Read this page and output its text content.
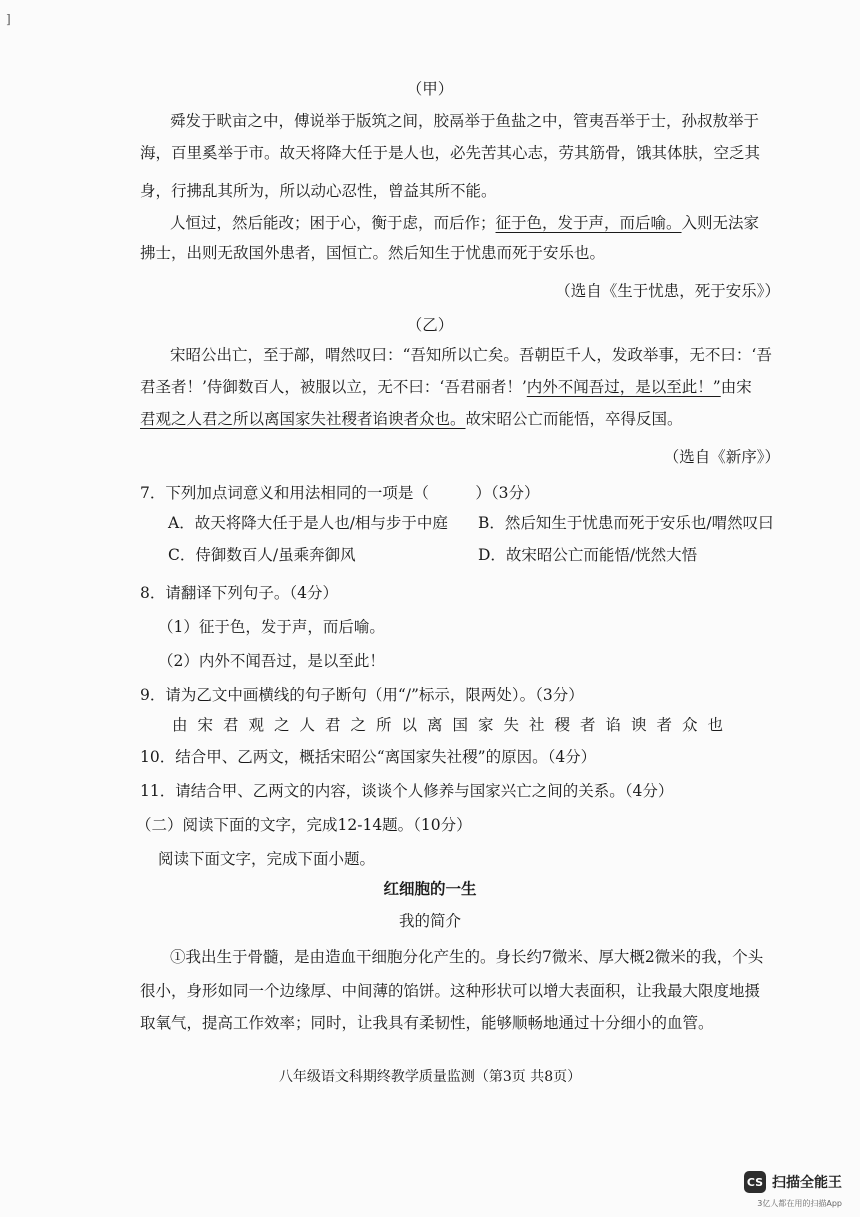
]
（甲）
舜发于畎亩之中，傅说举于版筑之间，胶鬲举于鱼盐之中，管夷吾举于士，孙叔敖举于
海，百里奚举于市。故天将降大任于是人也，必先苦其心志，劳其筋骨，饿其体肤，空乏其
身，行拂乱其所为，所以动心忍性，曾益其所不能。
人恒过，然后能改；困于心，衡于虑，而后作；征于色，发于声，而后喻。入则无法家
拂士，出则无敌国外患者，国恒亡。然后知生于忧患而死于安乐也。
（选自《生于忧患，死于安乐》）
（乙）
宋昭公出亡，至于鄗，喟然叹曰：“吾知所以亡矣。吾朝臣千人，发政举事，无不曰：‘吾
君圣者！’侍御数百人，被服以立，无不曰：‘吾君丽者！’内外不闻吾过，是以至此！”由宋
君观之人君之所以离国家失社稷者谄谀者众也。故宋昭公亡而能悟，卒得反国。
（选自《新序》）
7．下列加点词意义和用法相同的一项是（　　　）（3分）
A．故天将降大任于是人也/相与步于中庭 B．然后知生于忧患而死于安乐也/喟然叹曰
C．侍御数百人/虽乘奔御风	D．故宋昭公亡而能悟/恍然大悟
8．请翻译下列句子。（4分）
（1）征于色，发于声，而后喻。
（2）内外不闻吾过，是以至此！
9．请为乙文中画横线的句子断句（用“/”标示，限两处）。（3分）
由宋君观之人君之所以离国家失社稷者谄谀者众也
10．结合甲、乙两文，概括宋昭公“离国家失社稷”的原因。（4分）
11．请结合甲、乙两文的内容，谈谈个人修养与国家兴亡之间的关系。（4分）
（二）阅读下面的文字，完成12-14题。（10分）
阅读下面文字，完成下面小题。
红细胞的一生
我的简介
①我出生于骨髓，是由造血干细胞分化产生的。身长约7微米、厚大概2微米的我，个头
很小，身形如同一个边缘厚、中间薄的馅饼。这种形状可以增大表面积，让我最大限度地摄
取氧气，提高工作效率；同时，让我具有柔韧性，能够顺畅地通过十分细小的血管。
八年级语文科期终教学质量监测（第3页 共8页）
CS 扫描全能王
3亿人都在用的扫描App
